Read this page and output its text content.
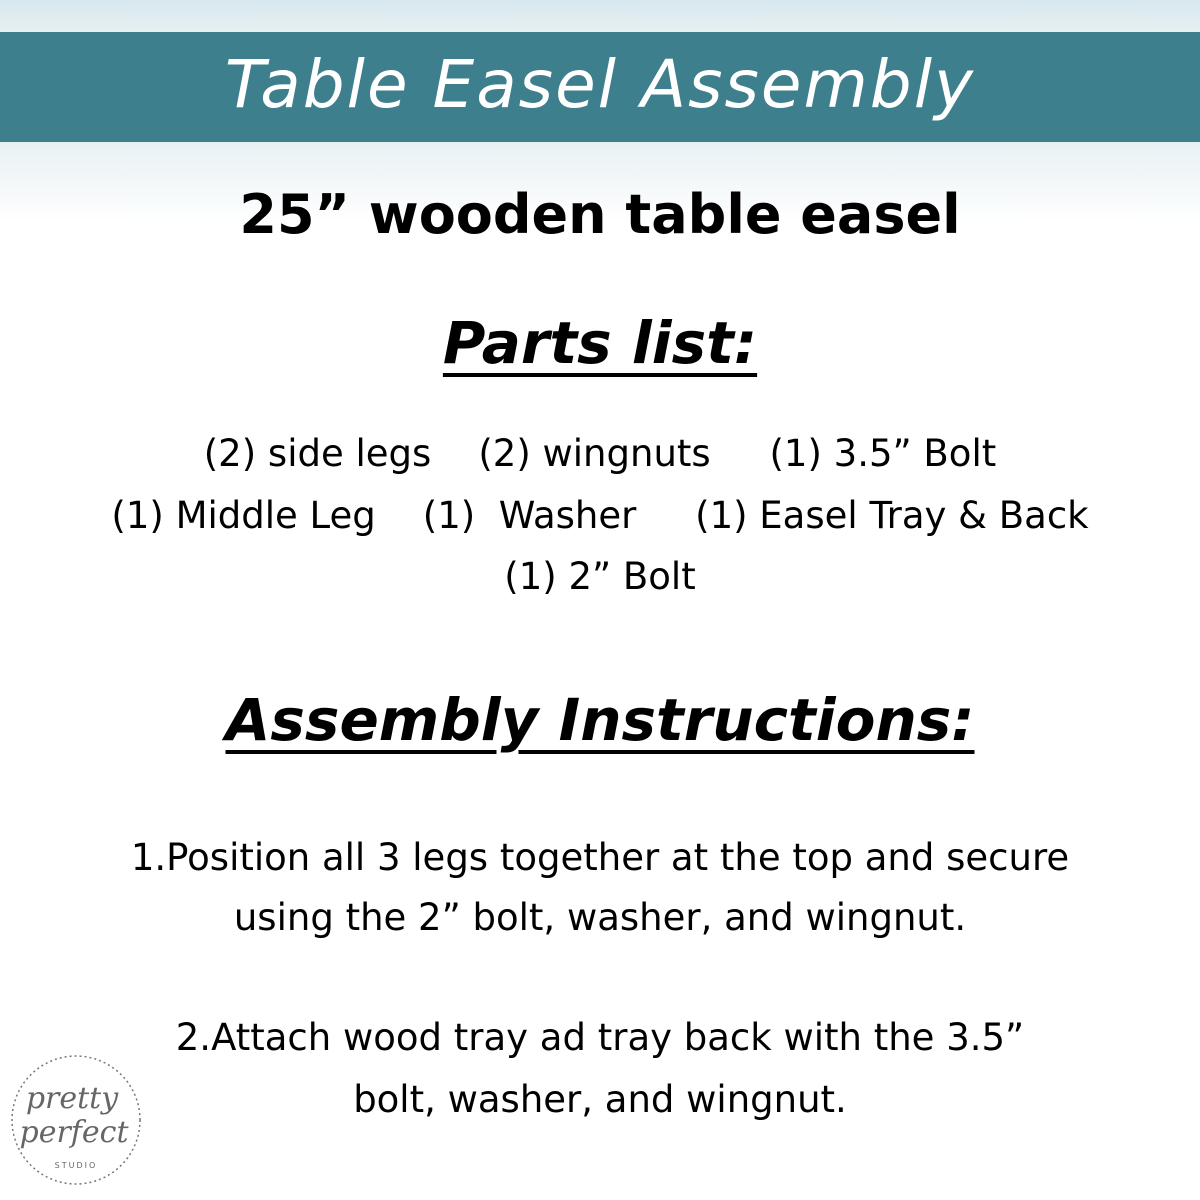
Table Easel Assembly
25” wooden table easel
Parts list:
(2) side legs    (2) wingnuts     (1) 3.5” Bolt
(1) Middle Leg    (1)  Washer     (1) Easel Tray & Back
(1) 2” Bolt
Assembly Instructions:
1.Position all 3 legs together at the top and secure
using the 2” bolt, washer, and wingnut.
2.Attach wood tray ad tray back with the 3.5”
bolt, washer, and wingnut.
pretty
perfect
STUDIO
